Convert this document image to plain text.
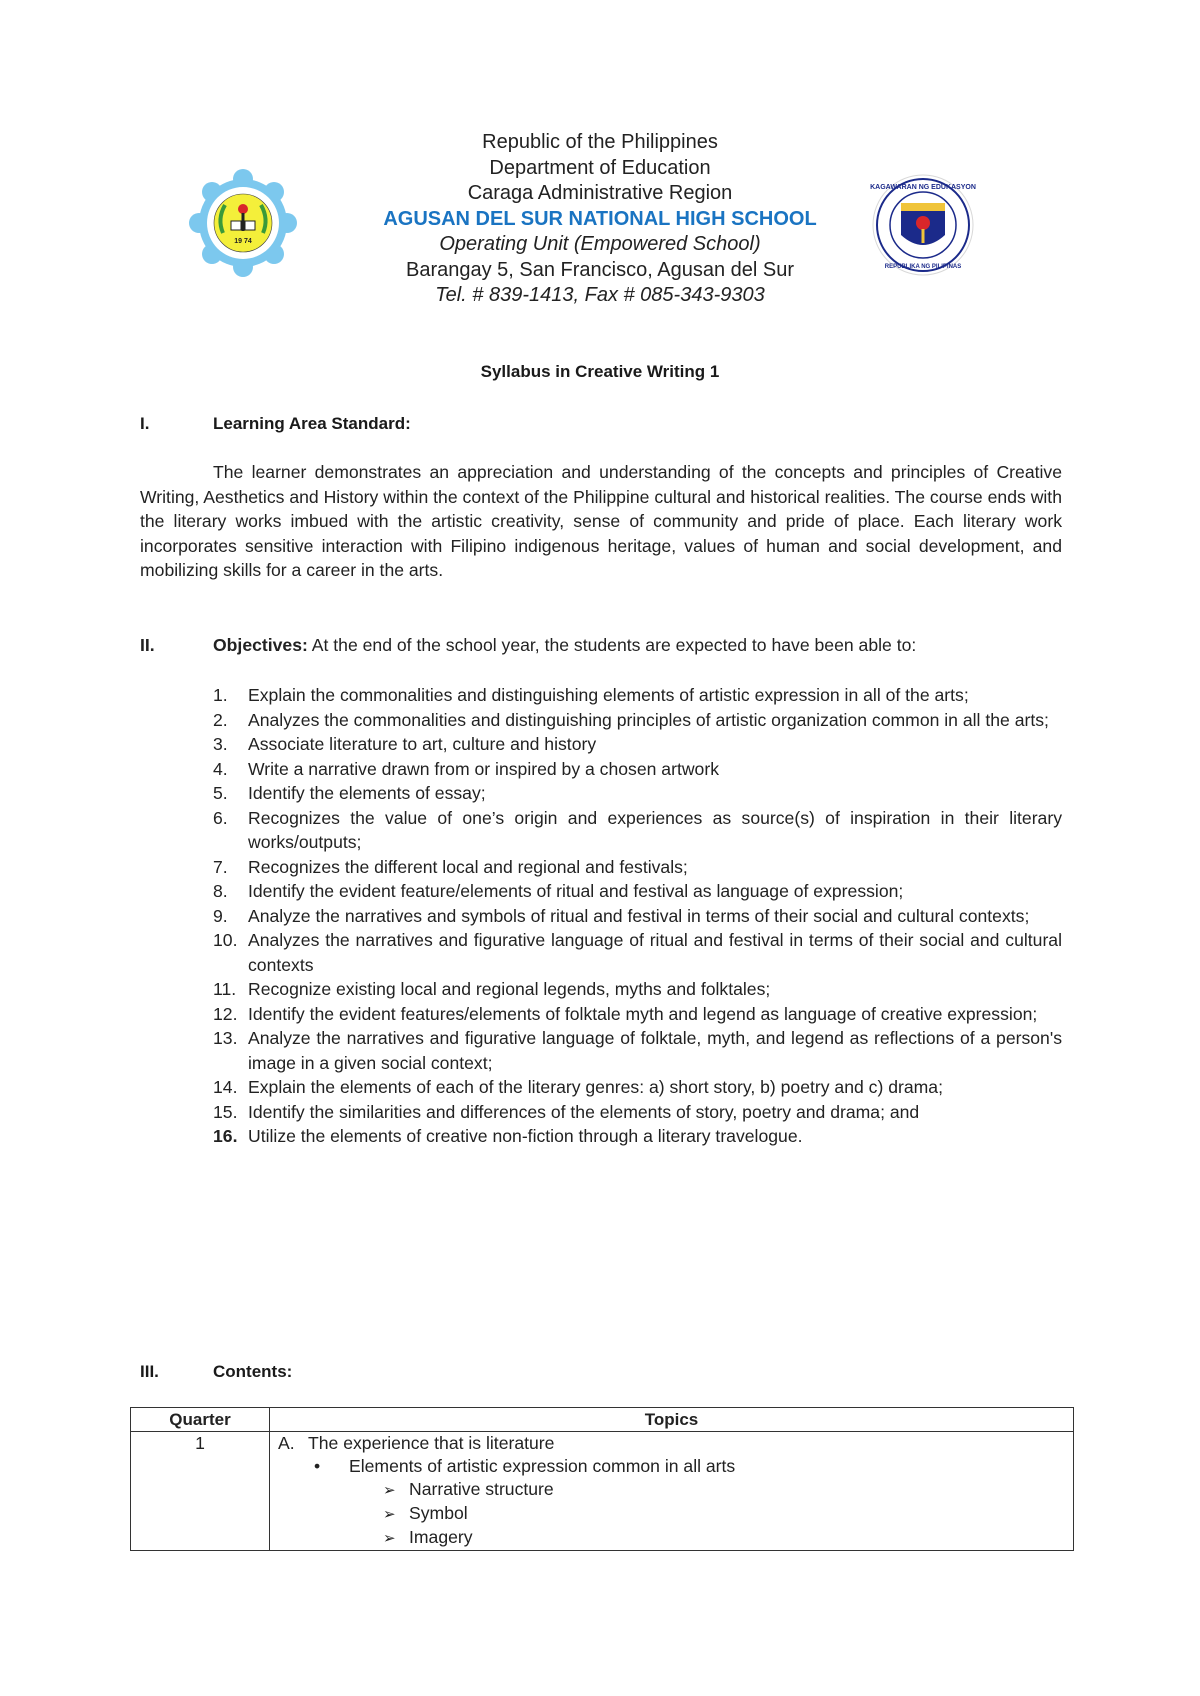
19 74
KAGAWARAN NG EDUKASYON
REPUBLIKA NG PILIPINAS
Republic of the Philippines
Department of Education
Caraga Administrative Region
AGUSAN DEL SUR NATIONAL HIGH SCHOOL
Operating Unit (Empowered School)
Barangay 5, San Francisco, Agusan del Sur
Tel. # 839-1413, Fax # 085-343-9303
Syllabus in Creative Writing 1
I.	Learning Area Standard:
The learner demonstrates an appreciation and understanding of the concepts and principles of Creative Writing, Aesthetics and History within the context of the Philippine cultural and historical realities. The course ends with the literary works imbued with the artistic creativity, sense of community and pride of place. Each literary work incorporates sensitive interaction with Filipino indigenous heritage, values of human and social development, and mobilizing skills for a career in the arts.
II.	Objectives: At the end of the school year, the students are expected to have been able to:
1. Explain the commonalities and distinguishing elements of artistic expression in all of the arts;
2. Analyzes the commonalities and distinguishing principles of artistic organization common in all the arts;
3. Associate literature to art, culture and history
4. Write a narrative drawn from or inspired by a chosen artwork
5. Identify the elements of essay;
6. Recognizes the value of one’s origin and experiences as source(s) of inspiration in their literary works/outputs;
7. Recognizes the different local and regional and festivals;
8. Identify the evident feature/elements of ritual and festival as language of expression;
9. Analyze the narratives and symbols of ritual and festival in terms of their social and cultural contexts;
10. Analyzes the narratives and figurative language of ritual and festival in terms of their social and cultural contexts
11. Recognize existing local and regional legends, myths and folktales;
12. Identify the evident features/elements of folktale myth and legend as language of creative expression;
13. Analyze the narratives and figurative language of folktale, myth, and legend as reflections of a person's image in a given social context;
14. Explain the elements of each of the literary genres: a) short story, b) poetry and c) drama;
15. Identify the similarities and differences of the elements of story, poetry and drama; and
16. Utilize the elements of creative non-fiction through a literary travelogue.
III.	Contents:
Quarter	Topics
1	A. The experience that is literature
• Elements of artistic expression common in all arts
➢ Narrative structure
➢ Symbol
➢ Imagery
